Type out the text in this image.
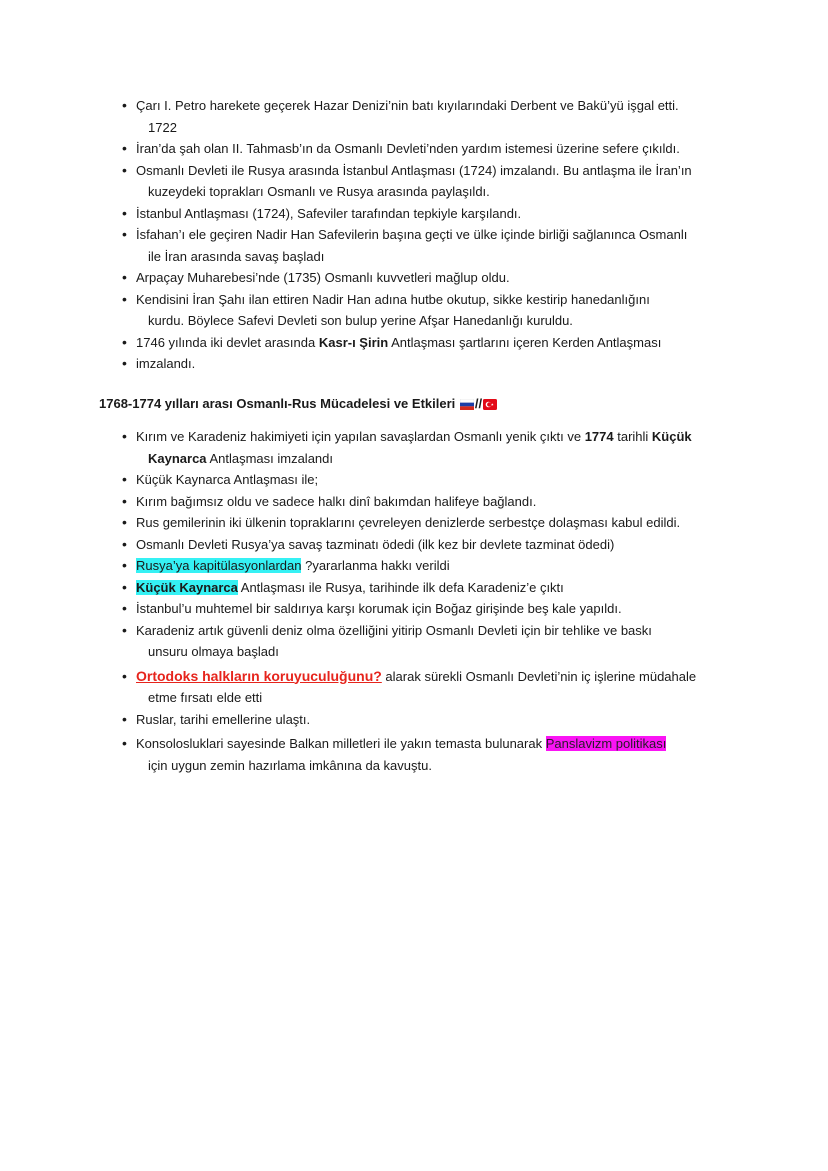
• Çarı I. Petro harekete geçerek Hazar Denizi’nin batı kıyılarındaki Derbent ve Bakü’yü işgal etti.
1722
• İran’da şah olan II. Tahmasb’ın da Osmanlı Devleti’nden yardım istemesi üzerine sefere çıkıldı.
• Osmanlı Devleti ile Rusya arasında İstanbul Antlaşması (1724) imzalandı. Bu antlaşma ile İran’ın
kuzeydeki toprakları Osmanlı ve Rusya arasında paylaşıldı.
• İstanbul Antlaşması (1724), Safeviler tarafından tepkiyle karşılandı.
• İsfahan’ı ele geçiren Nadir Han Safevilerin başına geçti ve ülke içinde birliği sağlanınca Osmanlı
ile İran arasında savaş başladı
• Arpaçay Muharebesi’nde (1735) Osmanlı kuvvetleri mağlup oldu.
• Kendisini İran Şahı ilan ettiren Nadir Han adına hutbe okutup, sikke kestirip hanedanlığını
kurdu. Böylece Safevi Devleti son bulup yerine Afşar Hanedanlığı kuruldu.
• 1746 yılında iki devlet arasında Kasr-ı Şirin Antlaşması şartlarını içeren Kerden Antlaşması
• imzalandı.
1768-1774 yılları arası Osmanlı-Rus Mücadelesi ve Etkileri //
• Kırım ve Karadeniz hakimiyeti için yapılan savaşlardan Osmanlı yenik çıktı ve 1774 tarihli Küçük
Kaynarca Antlaşması imzalandı
• Küçük Kaynarca Antlaşması ile;
• Kırım bağımsız oldu ve sadece halkı dinî bakımdan halifeye bağlandı.
• Rus gemilerinin iki ülkenin topraklarını çevreleyen denizlerde serbestçe dolaşması kabul edildi.
• Osmanlı Devleti Rusya’ya savaş tazminatı ödedi (ilk kez bir devlete tazminat ödedi)
• Rusya’ya kapitülasyonlardan ?yararlanma hakkı verildi
• Küçük Kaynarca Antlaşması ile Rusya, tarihinde ilk defa Karadeniz’e çıktı
• İstanbul’u muhtemel bir saldırıya karşı korumak için Boğaz girişinde beş kale yapıldı.
• Karadeniz artık güvenli deniz olma özelliğini yitirip Osmanlı Devleti için bir tehlike ve baskı
unsuru olmaya başladı
• Ortodoks halkların koruyuculuğunu? alarak sürekli Osmanlı Devleti’nin iç işlerine müdahale
etme fırsatı elde etti
• Ruslar, tarihi emellerine ulaştı.
• Konsolosluklari sayesinde Balkan milletleri ile yakın temasta bulunarak Panslavizm politikası
için uygun zemin hazırlama imkânına da kavuştu.
